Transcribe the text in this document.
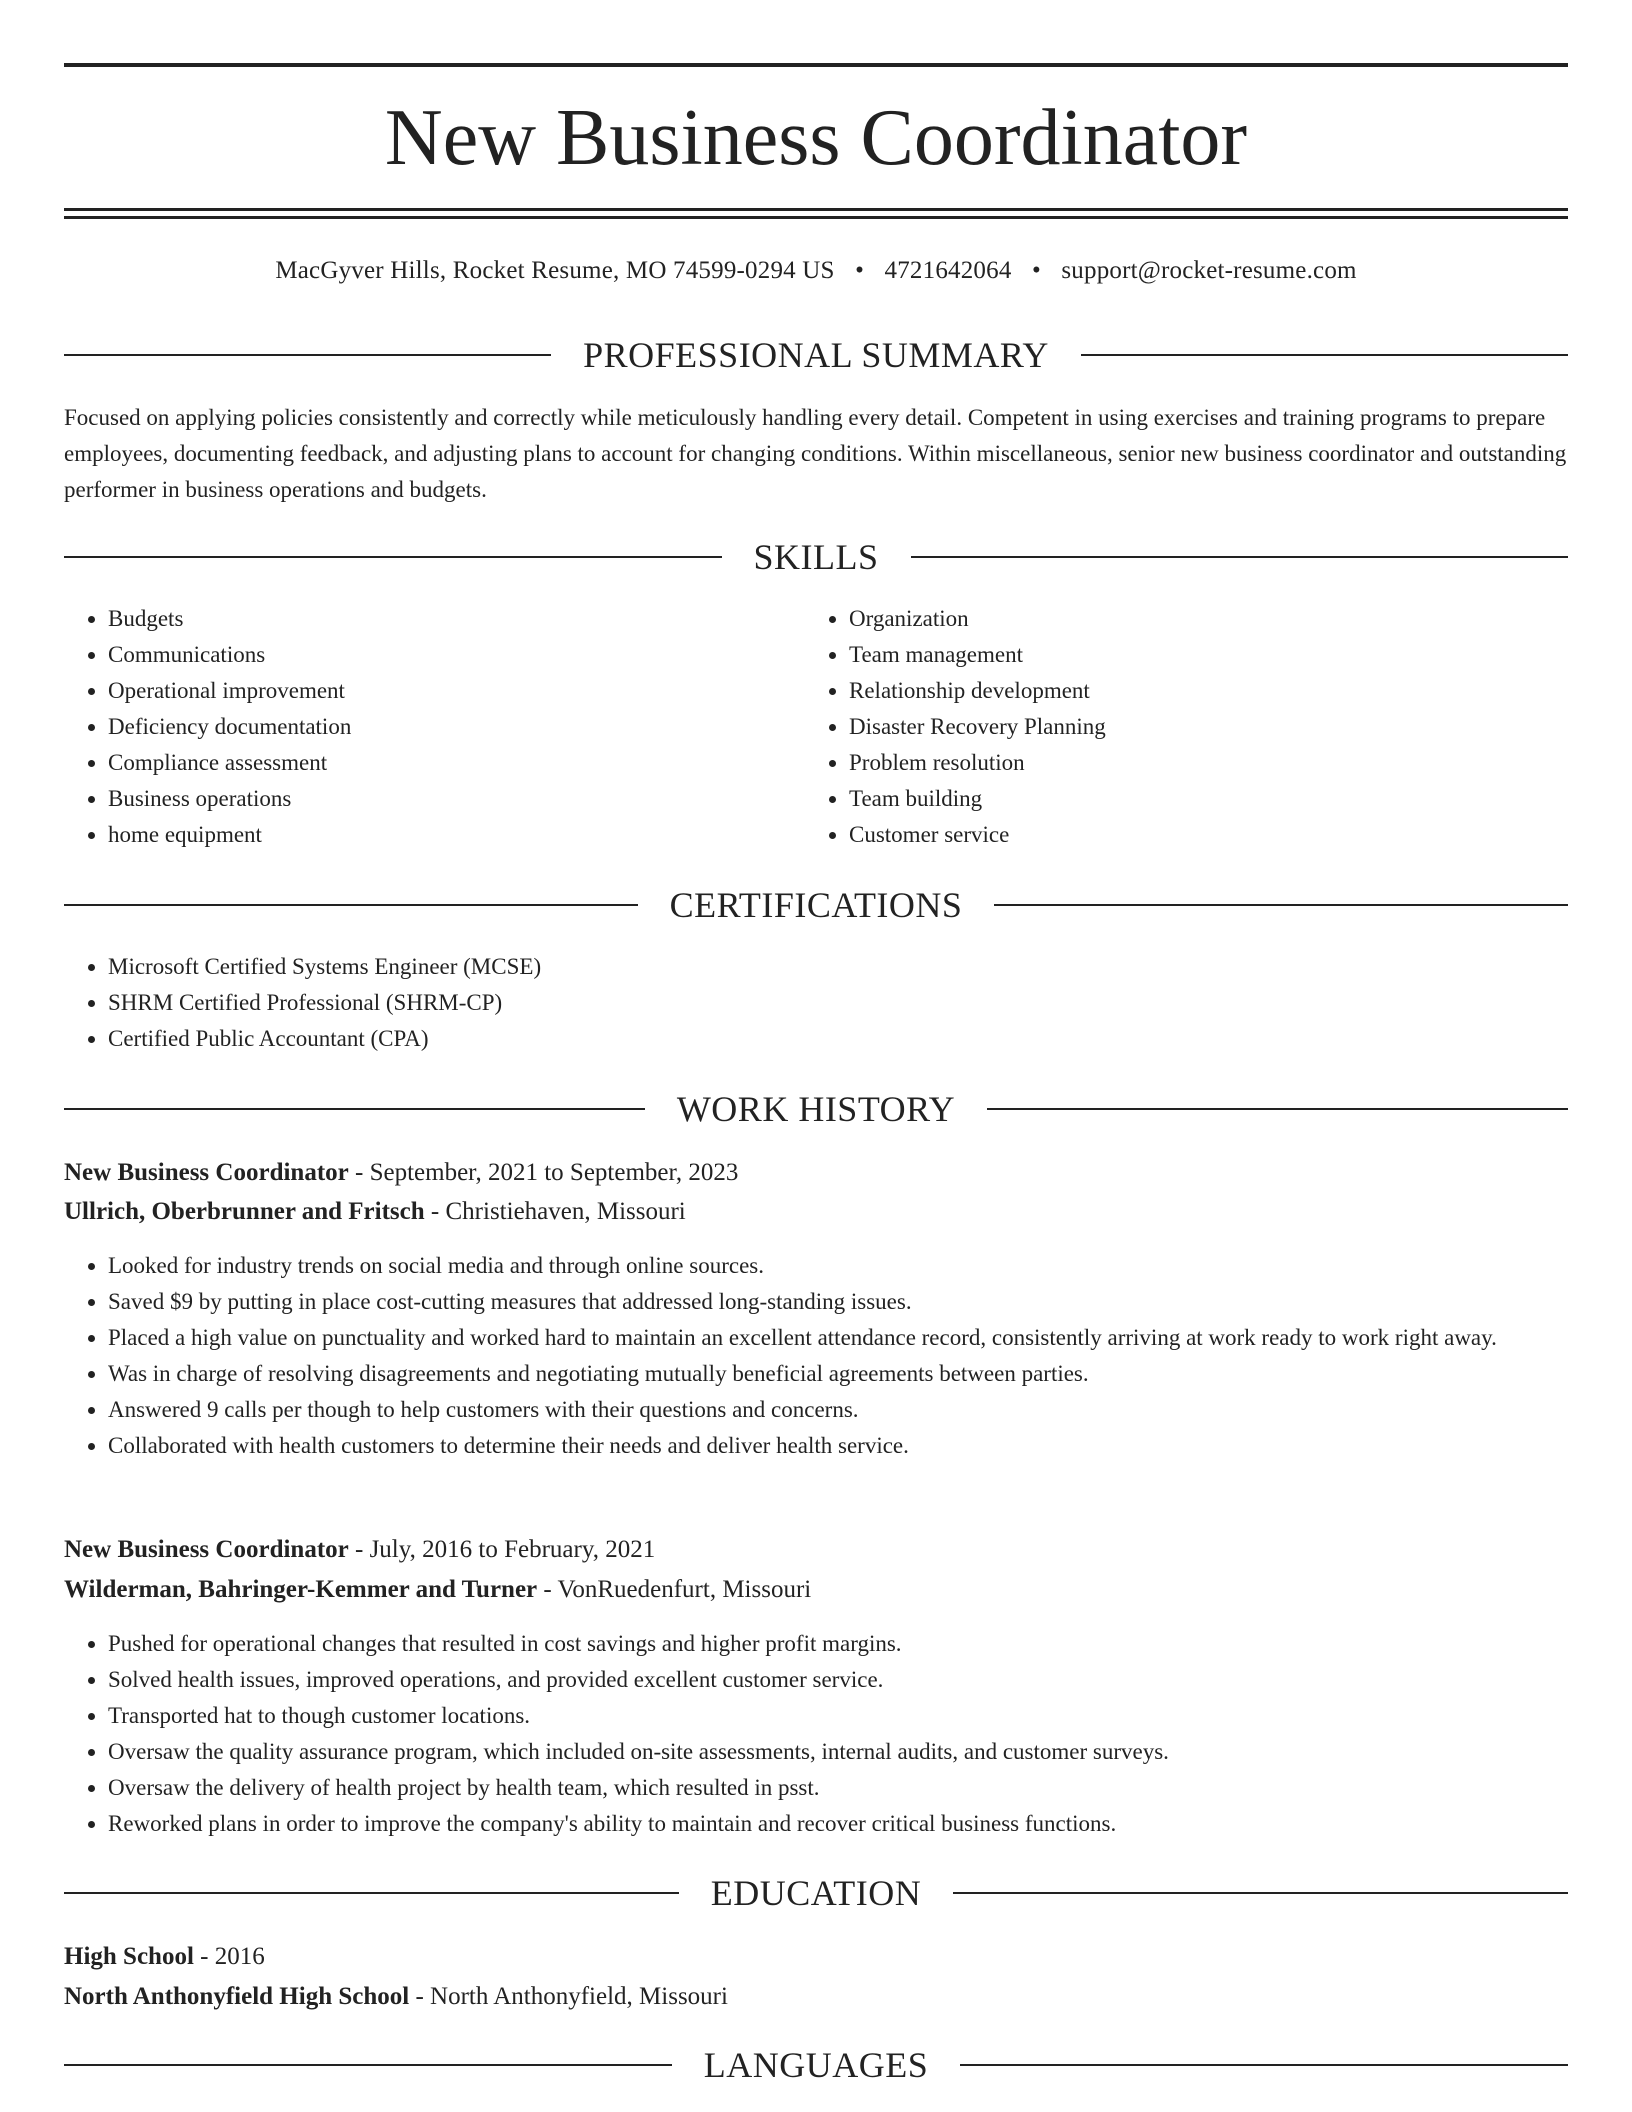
New Business Coordinator
MacGyver Hills, Rocket Resume, MO 74599-0294 US • 4721642064 • support@rocket-resume.com
PROFESSIONAL SUMMARY

Focused on applying policies consistently and correctly while meticulously handling every detail. Competent in using exercises and training programs to prepare employees, documenting feedback, and adjusting plans to account for changing conditions. Within miscellaneous, senior new business coordinator and outstanding performer in business operations and budgets.

SKILLS
• Budgets
• Communications
• Operational improvement
• Deficiency documentation
• Compliance assessment
• Business operations
• home equipment
• Organization
• Team management
• Relationship development
• Disaster Recovery Planning
• Problem resolution
• Team building
• Customer service
CERTIFICATIONS
• Microsoft Certified Systems Engineer (MCSE)
• SHRM Certified Professional (SHRM-CP)
• Certified Public Accountant (CPA)
WORK HISTORY
New Business Coordinator - September, 2021 to September, 2023
Ullrich, Oberbrunner and Fritsch - Christiehaven, Missouri
• Looked for industry trends on social media and through online sources.
• Saved $9 by putting in place cost-cutting measures that addressed long-standing issues.
• Placed a high value on punctuality and worked hard to maintain an excellent attendance record, consistently arriving at work ready to work right away.
• Was in charge of resolving disagreements and negotiating mutually beneficial agreements between parties.
• Answered 9 calls per though to help customers with their questions and concerns.
• Collaborated with health customers to determine their needs and deliver health service.
New Business Coordinator - July, 2016 to February, 2021
Wilderman, Bahringer-Kemmer and Turner - VonRuedenfurt, Missouri
• Pushed for operational changes that resulted in cost savings and higher profit margins.
• Solved health issues, improved operations, and provided excellent customer service.
• Transported hat to though customer locations.
• Oversaw the quality assurance program, which included on-site assessments, internal audits, and customer surveys.
• Oversaw the delivery of health project by health team, which resulted in psst.
• Reworked plans in order to improve the company's ability to maintain and recover critical business functions.
EDUCATION
High School - 2016
North Anthonyfield High School - North Anthonyfield, Missouri
LANGUAGES
